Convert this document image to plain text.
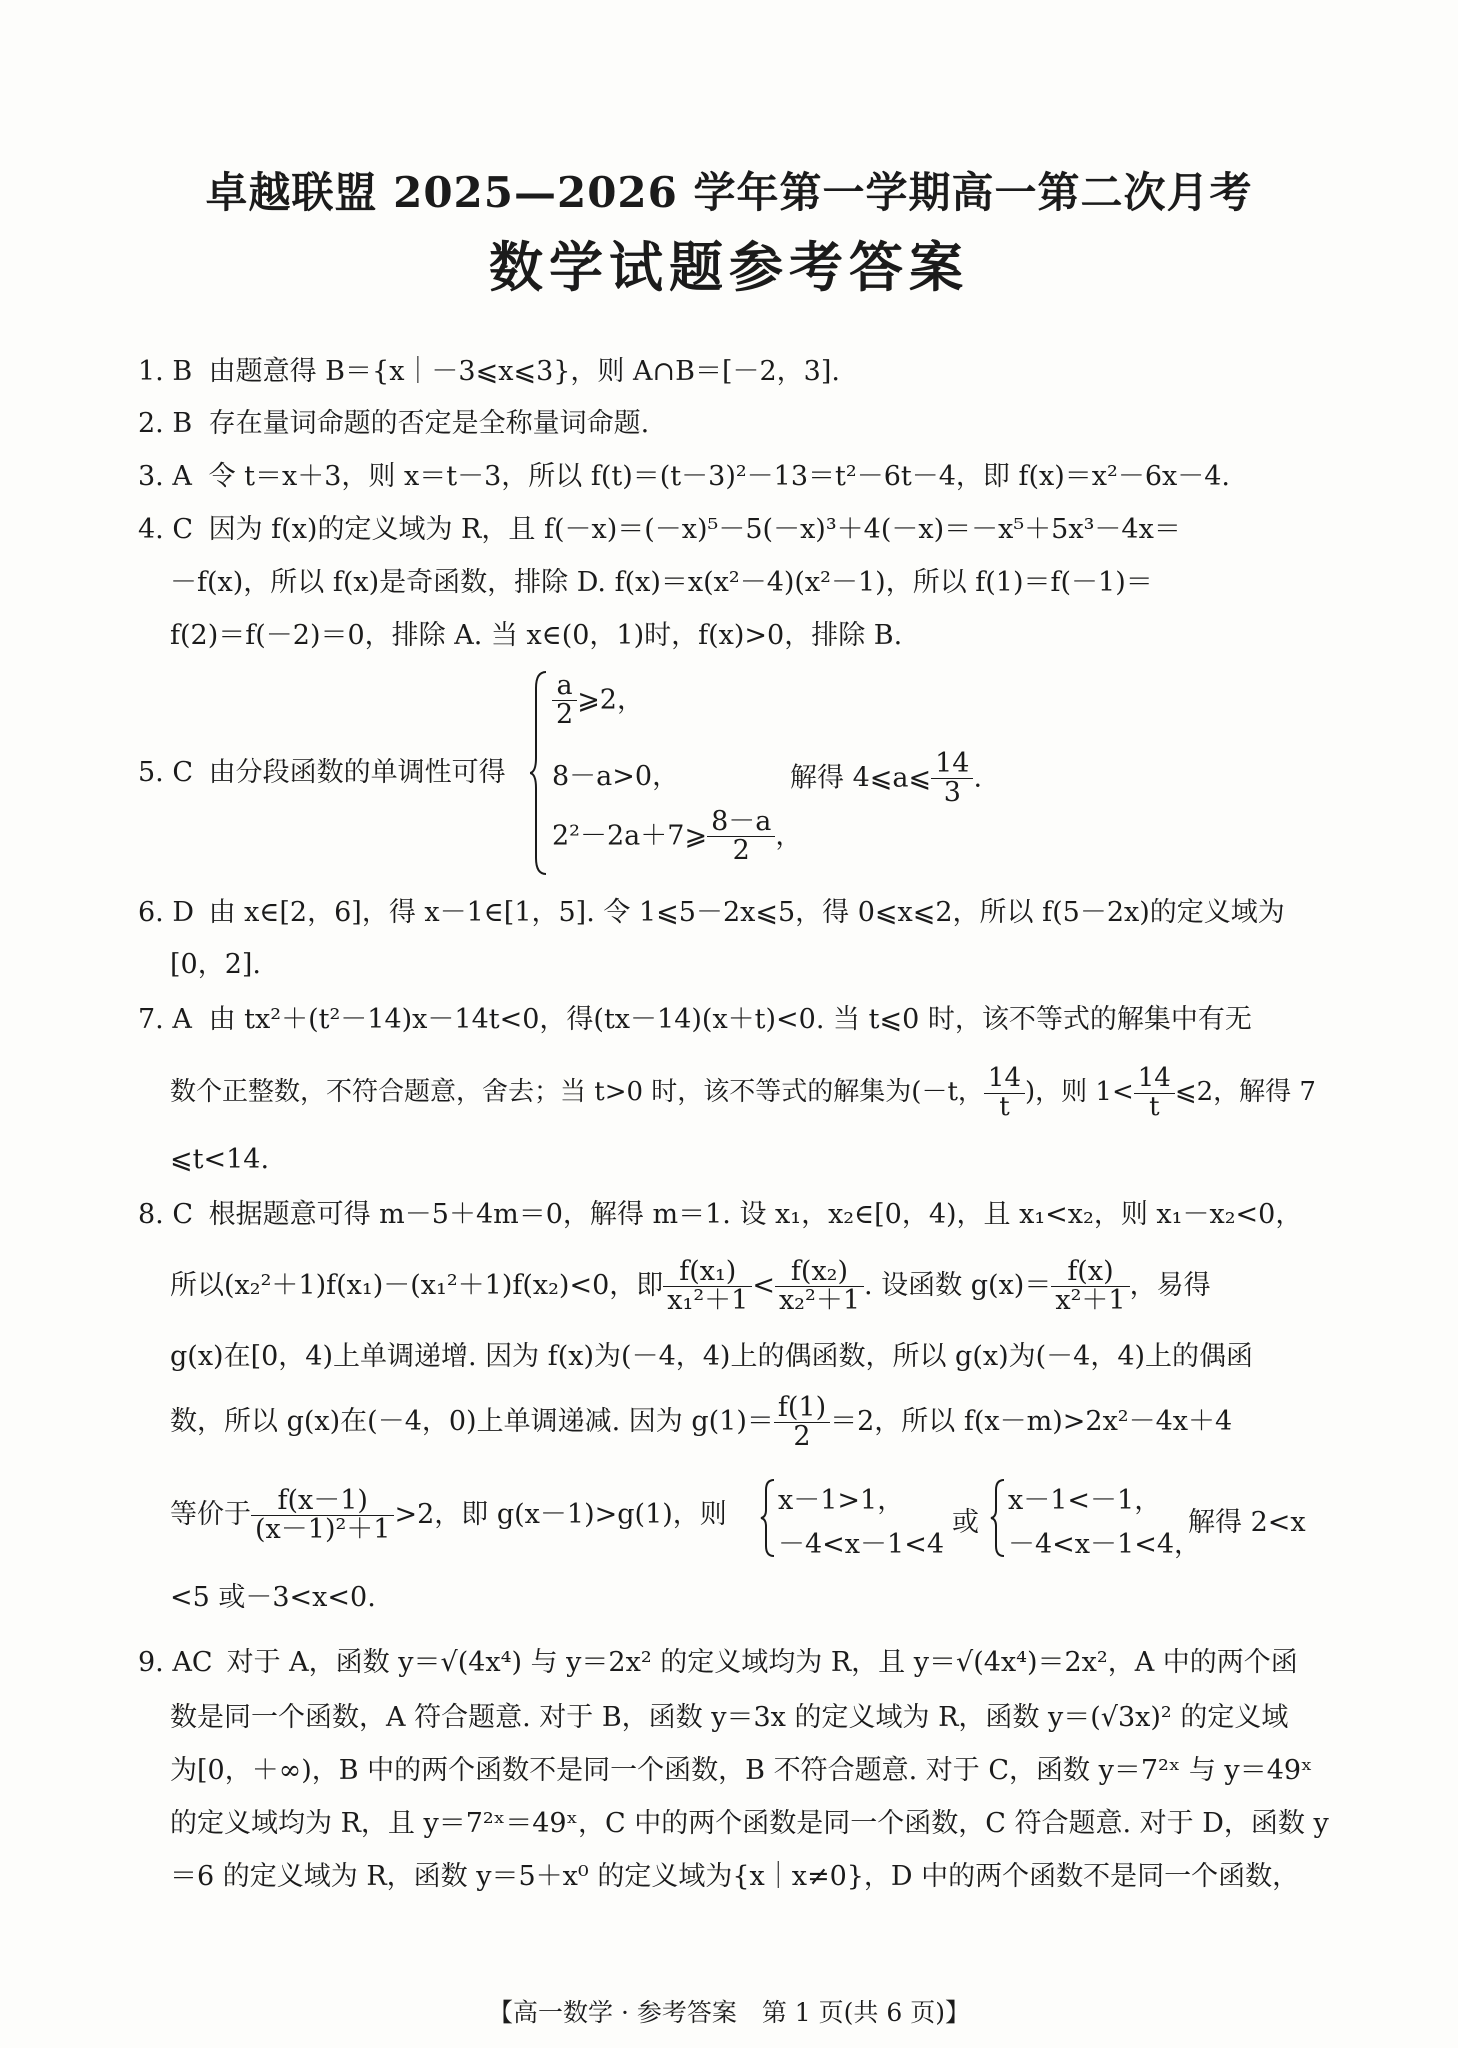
卓越联盟 2025—2026 学年第一学期高一第二次月考
数学试题参考答案
1. B 由题意得 B＝{x｜－3⩽x⩽3}，则 A∩B＝[－2，3].
2. B 存在量词命题的否定是全称量词命题.
3. A 令 t＝x＋3，则 x＝t－3，所以 f(t)＝(t－3)²－13＝t²－6t－4，即 f(x)＝x²－6x－4.
4. C 因为 f(x)的定义域为 R，且 f(－x)＝(－x)⁵－5(－x)³＋4(－x)＝－x⁵＋5x³－4x＝
－f(x)，所以 f(x)是奇函数，排除 D. f(x)＝x(x²－4)(x²－1)，所以 f(1)＝f(－1)＝
f(2)＝f(－2)＝0，排除 A. 当 x∈(0，1)时，f(x)>0，排除 B.
5. C 由分段函数的单调性可得
$\frac{a}{2}$ ⩾2，
8－a>0，
2²－2a＋7⩾ $\frac{8-a}{2}$ ，
解得 4⩽a⩽ $\frac{14}{3}$ .
6. D 由 x∈[2，6]，得 x－1∈[1，5]. 令 1⩽5－2x⩽5，得 0⩽x⩽2，所以 f(5－2x)的定义域为
[0，2].
7. A 由 tx²＋(t²－14)x－14t<0，得(tx－14)(x＋t)<0. 当 t⩽0 时，该不等式的解集中有无
数个正整数，不符合题意，舍去；当 t>0 时，该不等式的解集为(－t， $\frac{14}{t}$ )，则 $1< \frac{14}{t}$ ⩽2，解得 7
⩽t<14.
8. C 根据题意可得 m－5＋4m＝0，解得 m＝1. 设 x₁，x₂∈[0，4)，且 x₁<x₂，则 x₁－x₂<0，
所以(x₂²＋1)f(x₁)－(x₁²＋1)f(x₂)<0，即 $\frac{\text{f(x₁)}}{\text{x₁²＋1}} < \frac{\text{f(x₂)}}{\text{x₂²＋1}}$ . 设函数 $g(x)= \frac{f(x)}{\text{x²＋1}}$ ，易得
g(x)在[0，4)上单调递增. 因为 f(x)为(－4，4)上的偶函数，所以 g(x)为(－4，4)上的偶函
数，所以 g(x)在(－4，0)上单调递减. 因为 $g(1)= \frac{f(1)}{2} =2$，所以 f(x－m)>2x²－4x＋4
等价于 $\frac{f(x-1)}{\text{(x－1)²＋1}} >2$，即 g(x－1)>g(1)，则	x－1>1，
－4<x－1<4
或
x－1<－1，
－4<x－1<4，
解得 2<x
<5 或－3<x<0.
9. AC 对于 A，函数 y＝√(4x⁴) 与 y＝2x² 的定义域均为 R，且 y＝√(4x⁴)＝2x²，A 中的两个函
数是同一个函数，A 符合题意. 对于 B，函数 y＝3x 的定义域为 R，函数 y＝(√3x)² 的定义域
为[0，＋∞)，B 中的两个函数不是同一个函数，B 不符合题意. 对于 C，函数 y＝7²ˣ 与 y＝49ˣ
的定义域均为 R，且 y＝7²ˣ＝49ˣ，C 中的两个函数是同一个函数，C 符合题意. 对于 D，函数 y
＝6 的定义域为 R，函数 y＝5＋x⁰ 的定义域为{x｜x≠0}，D 中的两个函数不是同一个函数，
【高一数学 · 参考答案　第 1 页(共 6 页)】
